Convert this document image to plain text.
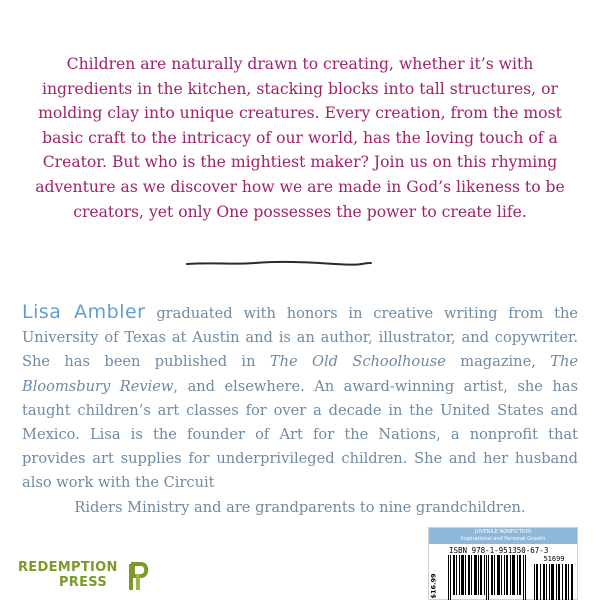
Children are naturally drawn to creating, whether it’s with ingredients in the kitchen, stacking blocks into tall structures, or molding clay into unique creatures. Every creation, from the most basic craft to the intricacy of our world, has the loving touch of a Creator. But who is the mightiest maker? Join us on this rhyming adventure as we discover how we are made in God’s likeness to be creators, yet only One possesses the power to create life.
Lisa Ambler graduated with honors in creative writing from the University of Texas at Austin and is an author, illustrator, and copywriter. She has been published in The Old Schoolhouse magazine, The Bloomsbury Review, and elsewhere. An award-winning artist, she has taught children’s art classes for over a decade in the United States and Mexico. Lisa is the founder of Art for the Nations, a nonprofit that provides art supplies for underprivileged children. She and her husband also work with the Circuit
Riders Ministry and are grandparents to nine grandchildren.
REDEMPTION
PRESS
JUVENILE NONFICTION
Inspirational and Personal Growth
ISBN 978-1-951350-67-3
$16.99
51699
